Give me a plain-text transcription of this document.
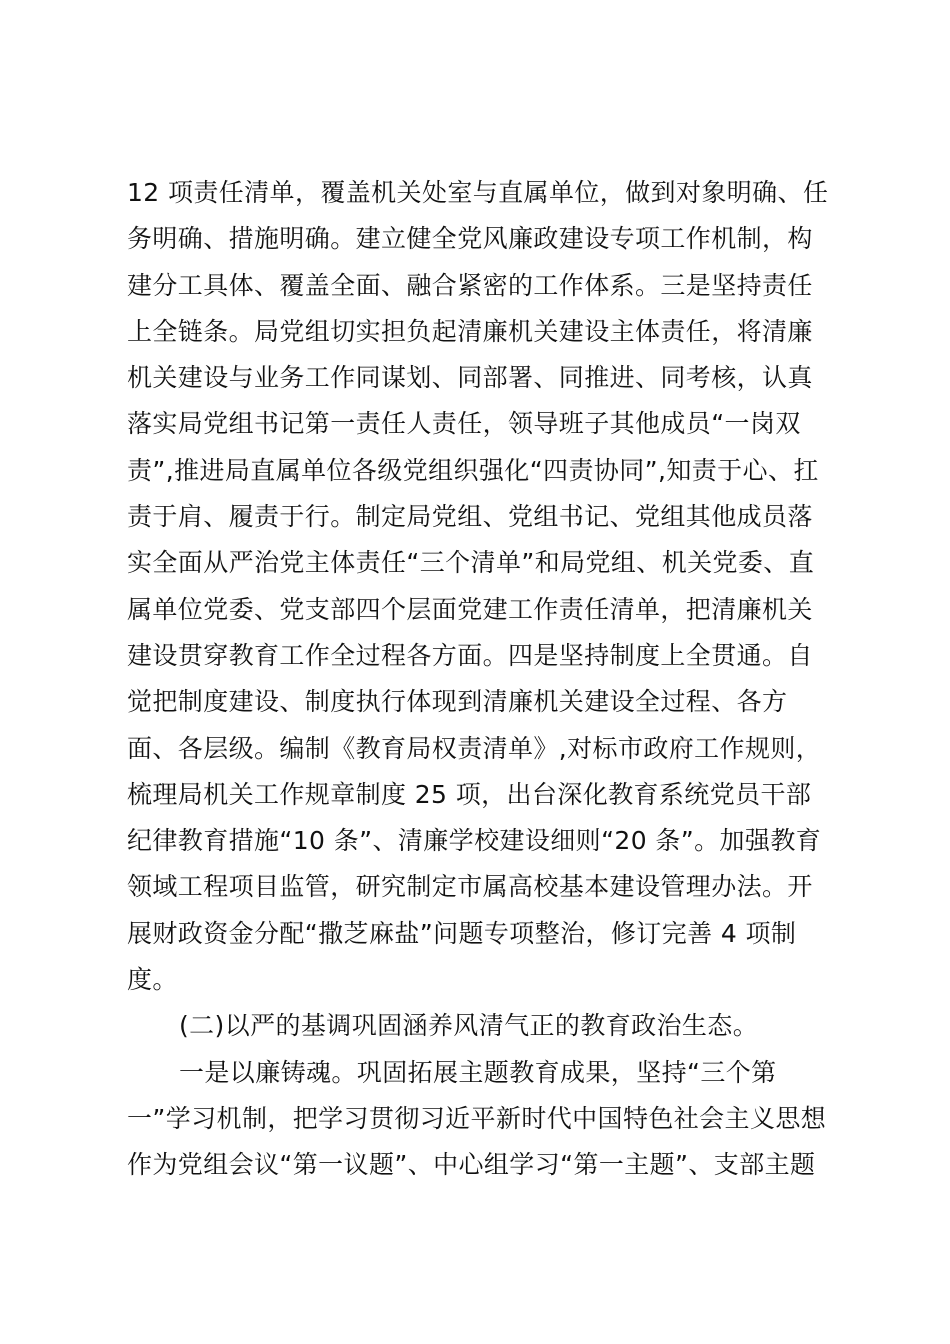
12 项责任清单，覆盖机关处室与直属单位，做到对象明确、任
务明确、措施明确。建立健全党风廉政建设专项工作机制，构
建分工具体、覆盖全面、融合紧密的工作体系。三是坚持责任
上全链条。局党组切实担负起清廉机关建设主体责任，将清廉
机关建设与业务工作同谋划、同部署、同推进、同考核，认真
落实局党组书记第一责任人责任，领导班子其他成员“一岗双
责”,推进局直属单位各级党组织强化“四责协同”,知责于心、扛
责于肩、履责于行。制定局党组、党组书记、党组其他成员落
实全面从严治党主体责任“三个清单”和局党组、机关党委、直
属单位党委、党支部四个层面党建工作责任清单，把清廉机关
建设贯穿教育工作全过程各方面。四是坚持制度上全贯通。自
觉把制度建设、制度执行体现到清廉机关建设全过程、各方
面、各层级。编制《教育局权责清单》,对标市政府工作规则，
梳理局机关工作规章制度 25 项，出台深化教育系统党员干部
纪律教育措施“10 条”、清廉学校建设细则“20 条”。加强教育
领域工程项目监管，研究制定市属高校基本建设管理办法。开
展财政资金分配“撒芝麻盐”问题专项整治，修订完善 4 项制
度。
(二)以严的基调巩固涵养风清气正的教育政治生态。
一是以廉铸魂。巩固拓展主题教育成果，坚持“三个第
一”学习机制，把学习贯彻习近平新时代中国特色社会主义思想
作为党组会议“第一议题”、中心组学习“第一主题”、支部主题
